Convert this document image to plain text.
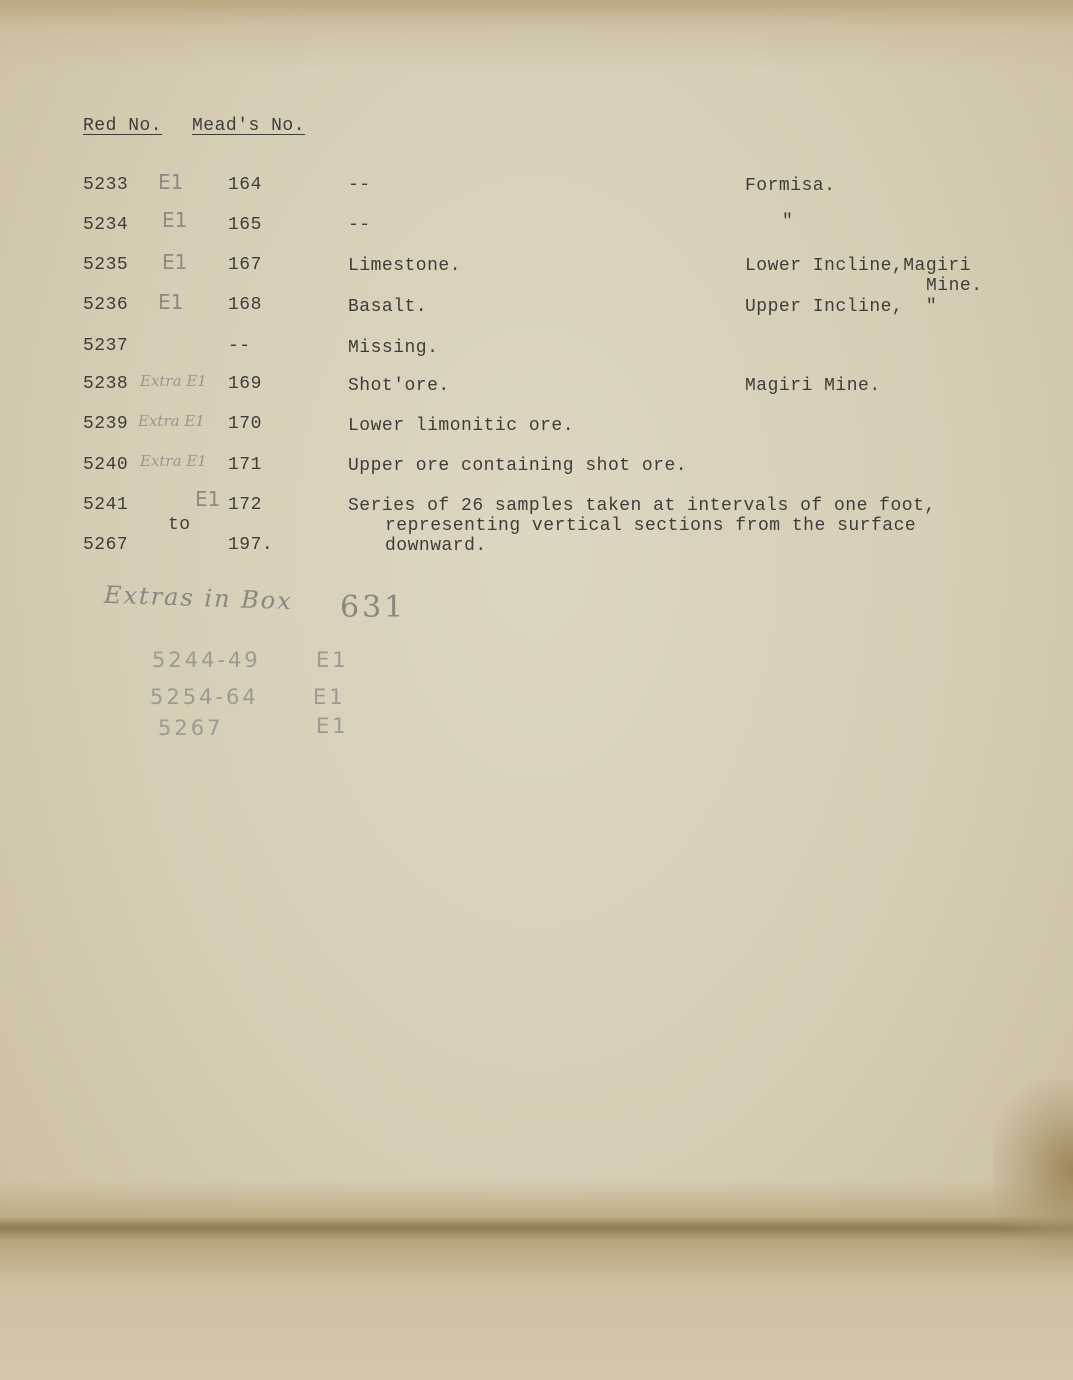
Red No. Mead's No.
5233 E1 164	--	Formisa.
5234 E1 165	--	"
5235 E1 167	Limestone.	Lower Incline,Magiri
Mine.
5236 E1 168	Basalt.	Upper Incline,  "
5237	--	Missing.
5238 Extra E1 169	Shot'ore.	Magiri Mine.
5239 Extra E1 170	Lower limonitic ore.
5240 Extra E1 171	Upper ore containing shot ore.
5241	E1 172	Series of 26 samples taken at intervals of one foot,
to	representing vertical sections from the surface
5267	197.	downward.
Extras in Box 631
5244-49	E1
5254-64	E1
5267	E1
